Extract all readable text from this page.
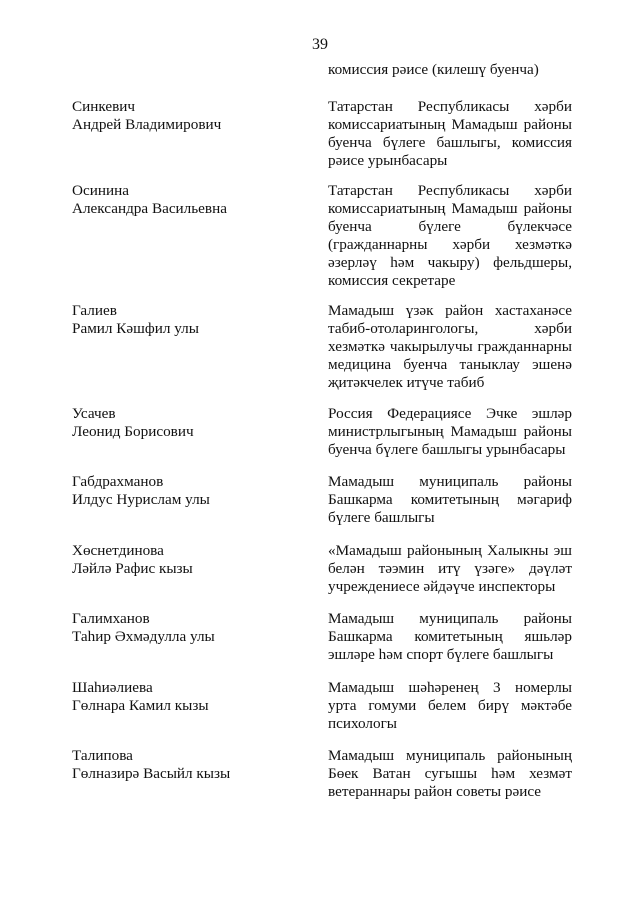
39

комиссия рәисе (килешү буенча)

Синкевич
Андрей Владимирович

Татарстан Республикасы хәрби комиссариатының Мамадыш районы буенча бүлеге башлыгы, комиссия рәисе урынбасары

Осинина
Александра Васильевна

Татарстан Республикасы хәрби комиссариатының Мамадыш районы буенча бүлеге бүлекчәсе (гражданнарны хәрби хезмәткә әзерләү һәм чакыру) фельдшеры, комиссия секретаре

Галиев
Рамил Кәшфил улы

Мамадыш үзәк район хастаханәсе табиб-отоларингологы, хәрби хезмәткә чакырылучы гражданнарны медицина буенча таныклау эшенә җитәкчелек итүче табиб

Усачев
Леонид Борисович

Россия Федерациясе Эчке эшләр министрлыгының Мамадыш районы буенча бүлеге башлыгы урынбасары

Габдрахманов
Илдус Нурислам улы

Мамадыш муниципаль районы Башкарма комитетының мәгариф бүлеге башлыгы

Хөснетдинова
Ләйлә Рафис кызы

«Мамадыш районының Халыкны эш белән тәэмин итү үзәге» дәүләт учреждениесе әйдәүче инспекторы

Галимханов
Таһир Әхмәдулла улы

Мамадыш муниципаль районы Башкарма комитетының яшьләр эшләре һәм спорт бүлеге башлыгы

Шаһиәлиева
Гөлнара Камил кызы

Мамадыш шәһәренең 3 номерлы урта гомуми белем бирү мәктәбе психологы

Талипова
Гөлназирә Васыйл кызы

Мамадыш муниципаль районының Бөек Ватан сугышы һәм хезмәт ветераннары район советы рәисе
